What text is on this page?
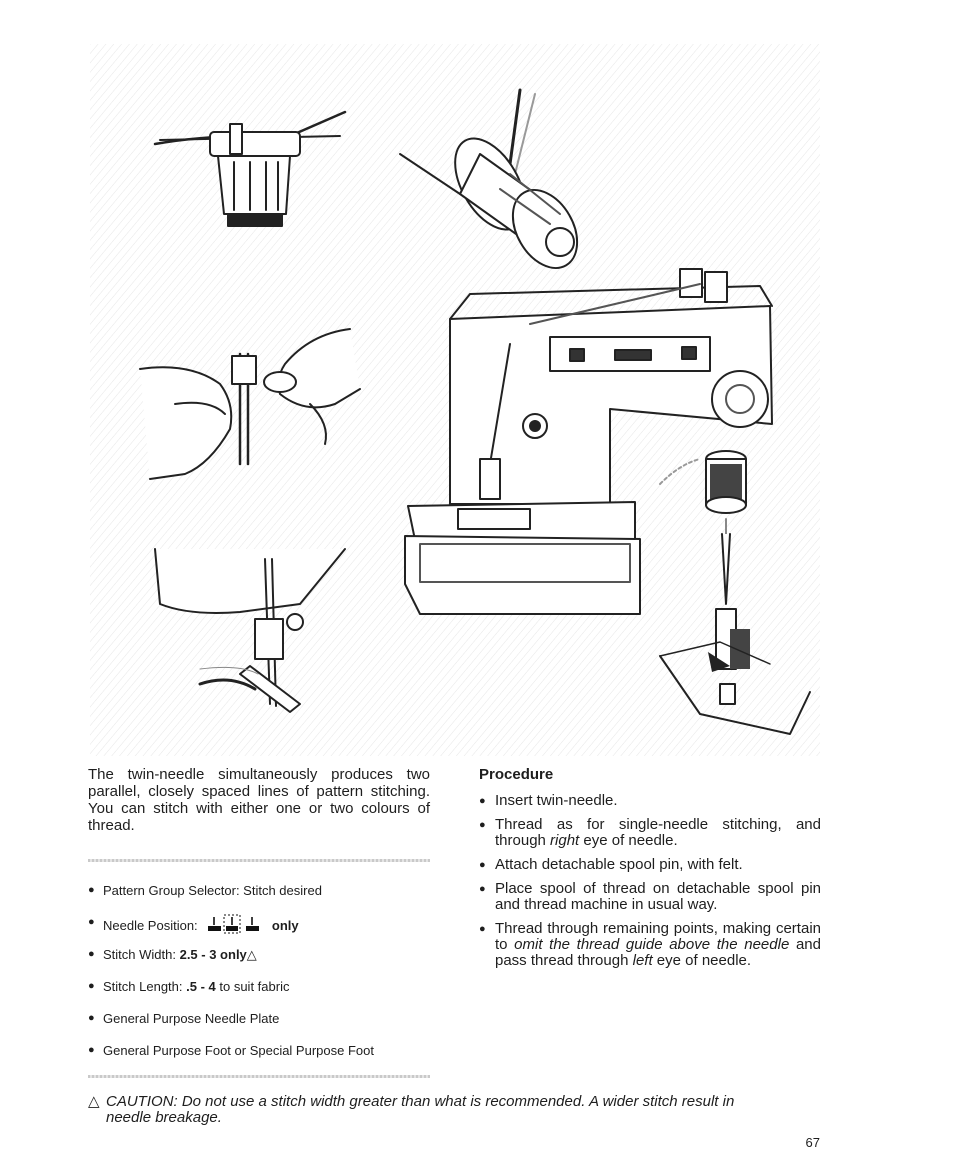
The twin-needle simultaneously produces two parallel, closely spaced lines of pattern stitching. You can stitch with either one or two colours of thread.

● Pattern Group Selector: Stitch desired
● Needle Position:	only
● Stitch Width: 2.5 - 3 only△
● Stitch Length: .5 - 4 to suit fabric
● General Purpose Needle Plate
● General Purpose Foot or Special Purpose Foot
Procedure
● Insert twin-needle.
● Thread as for single-needle stitching, and through right eye of needle.
● Attach detachable spool pin, with felt.
● Place spool of thread on detachable spool pin and thread machine in usual way.
● Thread through remaining points, making certain to omit the thread guide above the needle and pass thread through left eye of needle.

△ CAUTION: Do not use a stitch width greater than what is recommended. A wider stitch result in
needle breakage.

67
